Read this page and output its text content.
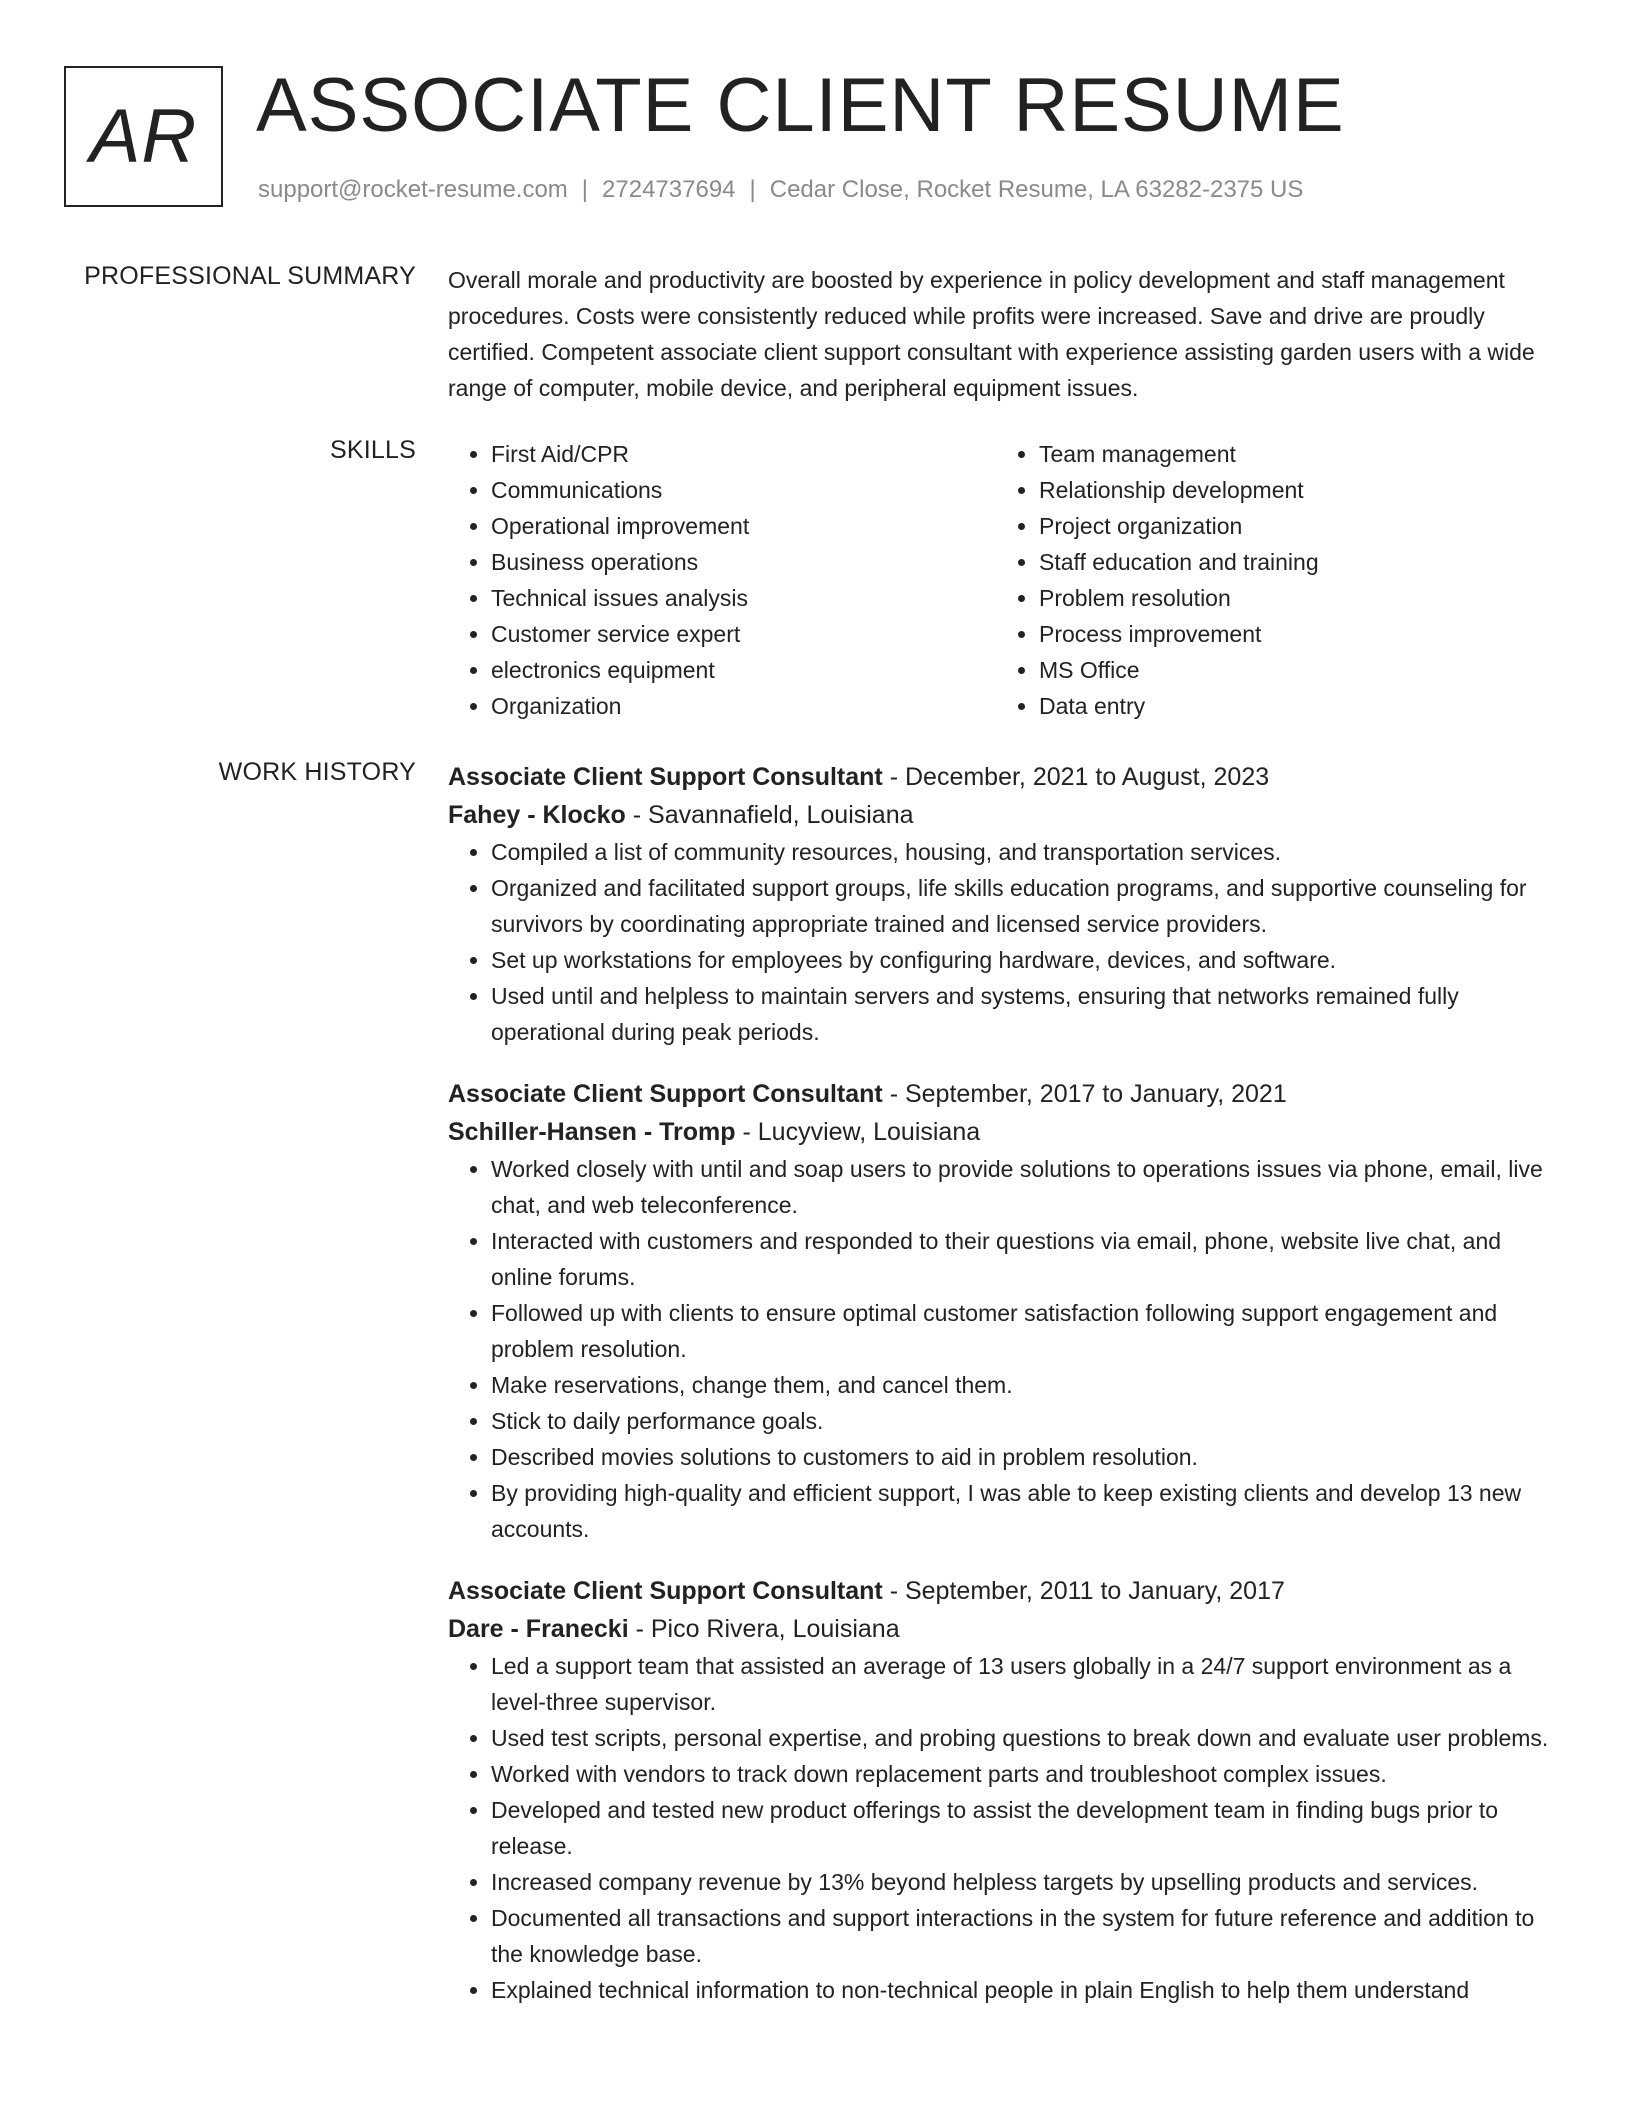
AR ASSOCIATE CLIENT RESUME
support@rocket-resume.com | 2724737694 | Cedar Close, Rocket Resume, LA 63282-2375 US
PROFESSIONAL SUMMARY Overall morale and productivity are boosted by experience in policy development and staff management procedures. Costs were consistently reduced while profits were increased. Save and drive are proudly certified. Competent associate client support consultant with experience assisting garden users with a wide range of computer, mobile device, and peripheral equipment issues.

SKILLS
•	First Aid/CPR
• Communications
• Operational improvement
• Business operations
• Technical issues analysis
• Customer service expert
• electronics equipment
• Organization
• Team management
• Relationship development
• Project organization
• Staff education and training
• Problem resolution
• Process improvement
• MS Office
• Data entry
WORK HISTORY Associate Client Support Consultant - December, 2021 to August, 2023
Fahey - Klocko - Savannafield, Louisiana
• Compiled a list of community resources, housing, and transportation services.
• Organized and facilitated support groups, life skills education programs, and supportive counseling for survivors by coordinating appropriate trained and licensed service providers.
• Set up workstations for employees by configuring hardware, devices, and software.
• Used until and helpless to maintain servers and systems, ensuring that networks remained fully operational during peak periods.
Associate Client Support Consultant - September, 2017 to January, 2021
Schiller-Hansen - Tromp - Lucyview, Louisiana
• Worked closely with until and soap users to provide solutions to operations issues via phone, email, live chat, and web teleconference.
• Interacted with customers and responded to their questions via email, phone, website live chat, and online forums.
• Followed up with clients to ensure optimal customer satisfaction following support engagement and problem resolution.
• Make reservations, change them, and cancel them.
• Stick to daily performance goals.
• Described movies solutions to customers to aid in problem resolution.
• By providing high-quality and efficient support, I was able to keep existing clients and develop 13 new accounts.
Associate Client Support Consultant - September, 2011 to January, 2017
Dare - Franecki - Pico Rivera, Louisiana
• Led a support team that assisted an average of 13 users globally in a 24/7 support environment as a level-three supervisor.
• Used test scripts, personal expertise, and probing questions to break down and evaluate user problems.
• Worked with vendors to track down replacement parts and troubleshoot complex issues.
• Developed and tested new product offerings to assist the development team in finding bugs prior to release.
• Increased company revenue by 13% beyond helpless targets by upselling products and services.
• Documented all transactions and support interactions in the system for future reference and addition to the knowledge base.
• Explained technical information to non-technical people in plain English to help them understand
